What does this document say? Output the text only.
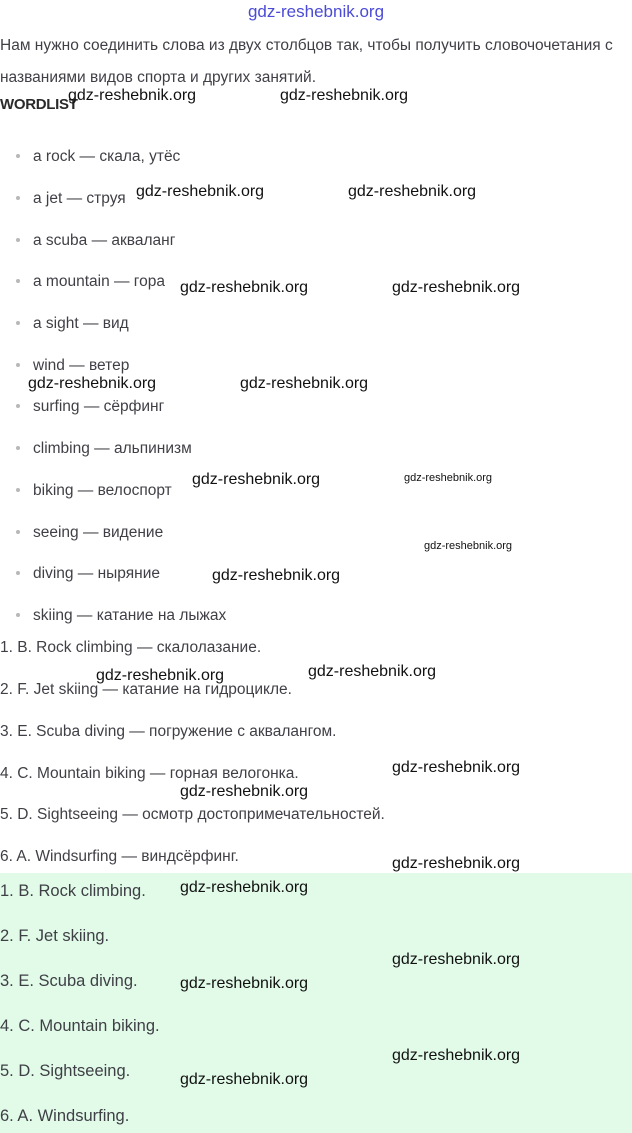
gdz-reshebnik.org
Нам нужно соединить слова из двух столбцов так, чтобы получить словочочетания с названиями видов спорта и других занятий.
WORDLIST
a rock — скала, утёс
a jet — струя
a scuba — акваланг
a mountain — гора
a sight — вид
wind — ветер
surfing — сёрфинг
climbing — альпинизм
biking — велоспорт
seeing — видение
diving — ныряние
skiing — катание на лыжах
1. B. Rock climbing — скалолазание.
2. F. Jet skiing — катание на гидроцикле.
3. E. Scuba diving — погружение с аквалангом.
4. C. Mountain biking — горная велогонка.
5. D. Sightseeing — осмотр достопримечательностей.
6. A. Windsurfing — виндсёрфинг.
1. B. Rock climbing.
2. F. Jet skiing.
3. E. Scuba diving.
4. C. Mountain biking.
5. D. Sightseeing.
6. A. Windsurfing.
gdz-reshebnik.org	gdz-reshebnik.org
gdz-reshebnik.org	gdz-reshebnik.org
gdz-reshebnik.org	gdz-reshebnik.org
gdz-reshebnik.org	gdz-reshebnik.org
gdz-reshebnik.org	gdz-reshebnik.org
gdz-reshebnik.org
gdz-reshebnik.org
gdz-reshebnik.org	gdz-reshebnik.org
gdz-reshebnik.org
gdz-reshebnik.org
gdz-reshebnik.org
gdz-reshebnik.org
gdz-reshebnik.org
gdz-reshebnik.org
gdz-reshebnik.org
gdz-reshebnik.org
